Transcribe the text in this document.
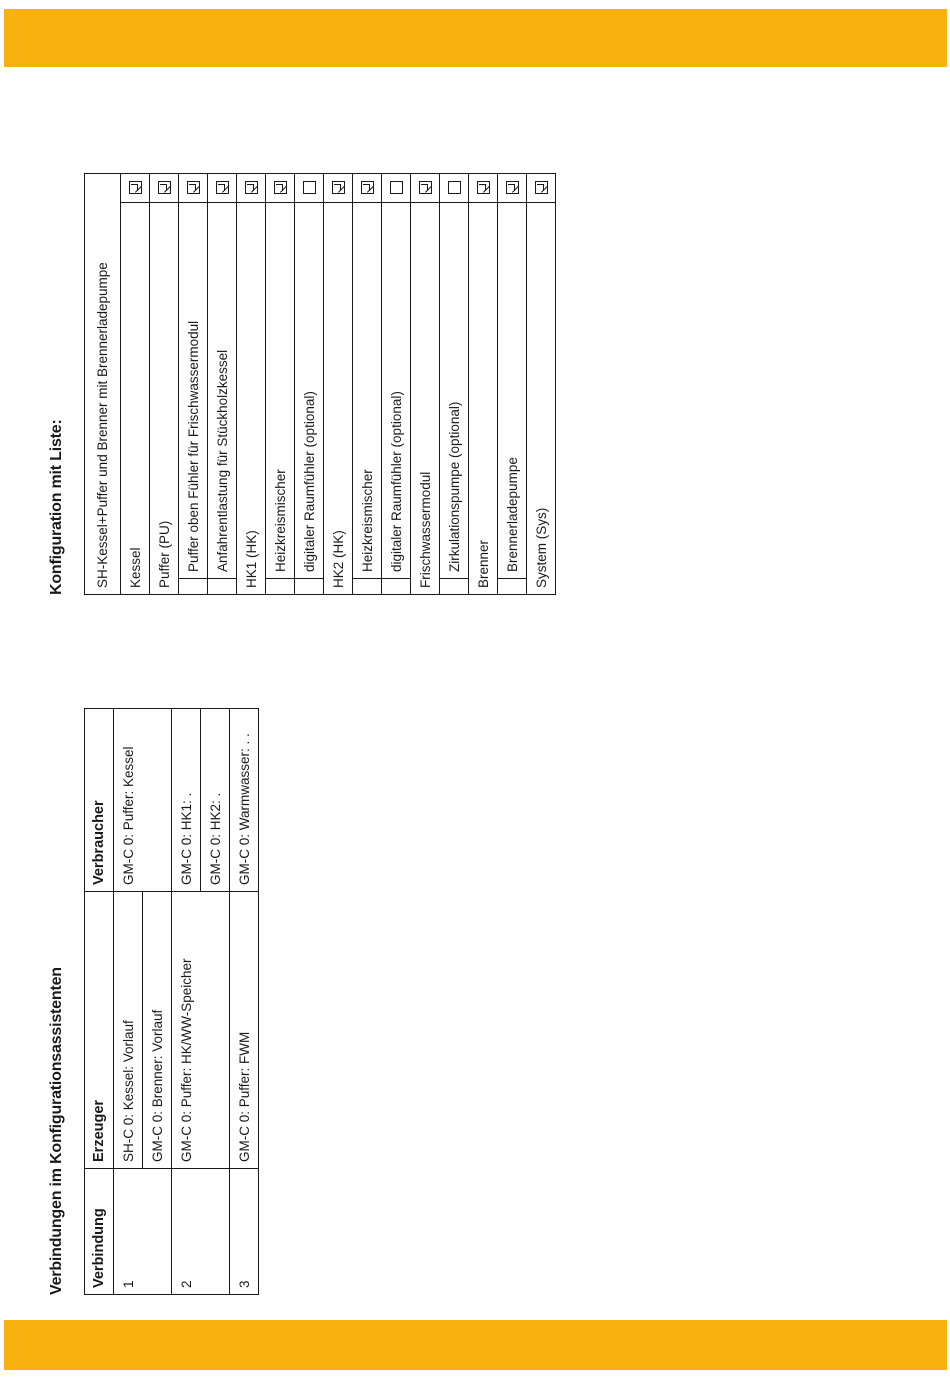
Verbindungen im Konfigurationsassistenten Verbindung	Erzeuger	Verbraucher
1	SH-C 0: Kessel: Vorlauf	GM-C 0: Puffer: Kessel
	GM-C 0: Brenner: Vorlauf	
2	GM-C 0: Puffer: HK/WW-Speicher	GM-C 0: HK1: .
		GM-C 0: HK2: .
3	GM-C 0: Puffer: FWM	GM-C 0: Warmwasser: . .
Konfiguration mit Liste: SH-Kessel+Puffer und Brenner mit Brennerladepumpe		
Kessel		
Puffer (PU)		
	Puffer oben Fühler für Frischwassermodul	
	Anfahrentlastung für Stückholzkessel	
HK1 (HK)		
	Heizkreismischer	
	digitaler Raumfühler (optional)	
HK2 (HK)		
	Heizkreismischer	
	digitaler Raumfühler (optional)	
Frischwassermodul		
	Zirkulationspumpe (optional)	
Brenner		
	Brennerladepumpe	
System (Sys)		
